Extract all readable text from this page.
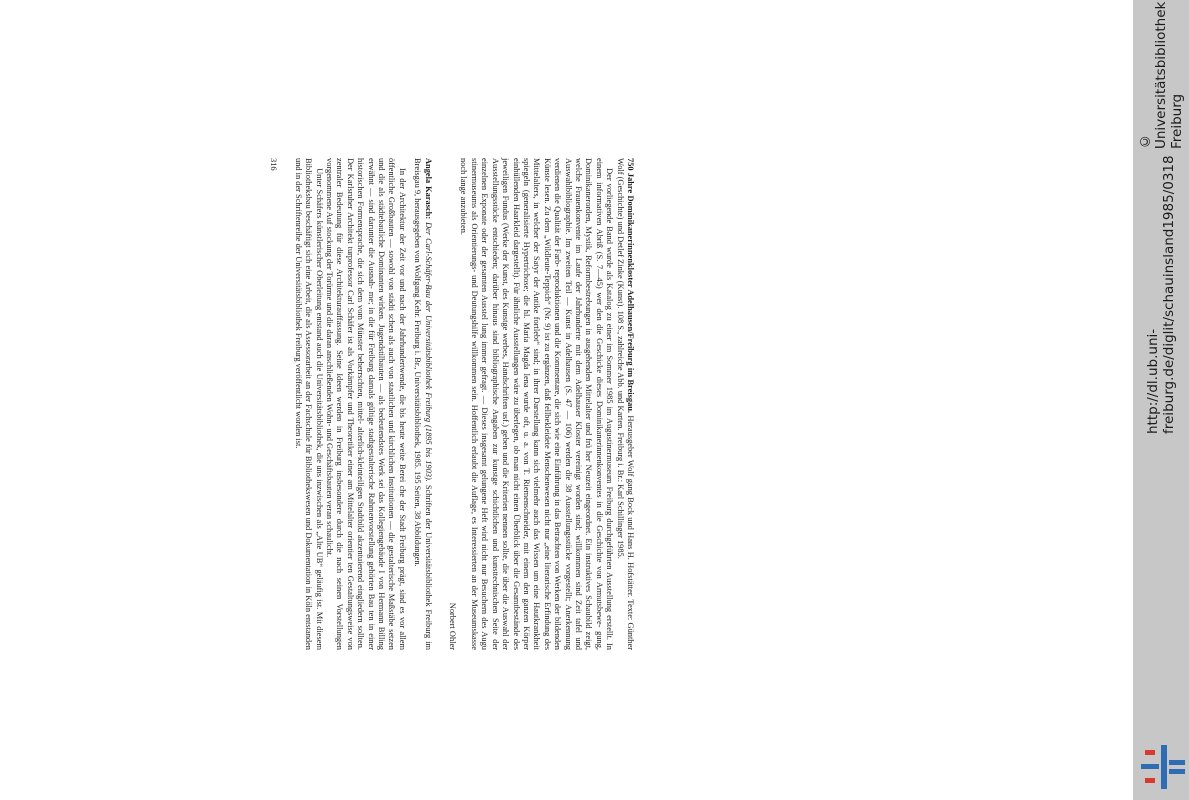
750 Jahre Dominikanerinnenkloster Adelhausen/Freiburg im Breisgau. Herausgeber Wolf gang Bock und Hans H. Hofstätter. Texte: Günther Wolf (Geschichte) und Detlef Zinke (Kunst). 108 S., zahlreiche Abb. und Karten. Freiburg i. Br.: Karl Schillinger 1985.

Der vorliegende Band wurde als Katalog zu einer im Sommer 1985 im Augustinermuseum Freiburg durchgeführten Ausstellung erstellt. In einem informativen Abriß (S. 7—45) wer den die Geschicke dieses Dominikanerinnenkonventes in die Geschichte von Armutsbewe- gung, Dominikanerorden, Mystik, Reformbestrebungen in ausgehenden Mittelalter und frü her Neuzeit eingeordnet. Ein instruktives Schaubild zeigt, welche Frauenkonvente im Laufe der Jahrhunderte mit dem Adelhauser Kloster vereinigt worden sind; willkommen sind Zeit tafel und Auswahlbibliographie. Im zweiten Teil — Kunst in Adelhausen (S. 47 — 106) werden die 38 Ausstellungsstücke vorgestellt; Anerkennung verdienen die Qualität der Farb- reproduktionen und die Kommentare, die sich wie eine Einführung in das Betrachten von Werken der bildenden Künste lesen. Zu dem „Wildleute-Teppich“ (Nr. 9) ist zu ergänzen, daß fellbekleidete Menschenwesen nicht nur „eine literarische Erfindung des Mittelalters, in welcher der Satyr der Antike fortlebt“ sind; in ihrer Darstellung kann sich vielmehr auch das Wissen um eine Hautkrankheit spiegeln (generalisierte Hypertrichose; die hl. Maria Magda lena wurde oft, u. a. von T. Riemenschneider, mit einem den ganzen Körper einhüllenden Haarkleid dargestellt). Für ähnliche Ausstellungen wäre zu überlegen, ob man nicht einen Überblick über die Gesamtbestände des jeweiligen Fundus (Werke der Kunst, des Kunstge werbes, Handschriften usf.) geben und die Kriterien nennen sollte, die über die Auswahl der Ausstellungsstücke entschieden; darüber hinaus sind bibliographische Angaben zur kunstge schichtlichen und kunsttechnischen Seite der einzelnen Exponate oder der gesamten Ausstel lung immer gefragt. — Dieses insgesamt gelungene Heft wird nicht nur Besuchern des Augu stinermuseums als Orientierungs- und Deutungshilfe willkommen sein. Hoffentlich erlaubt die Auflage, es Interessierten an der Museumskasse noch lange anzubieten.

Norbert Ohler

Angela Karasch: Der Carl-Schäfer-Bau der Universitätsbibliothek Freiburg (1895 bis 1903). Schriften der Universitätsbibliothek Freiburg im Breisgau 9, herausgegeben von Wolfgang Kehr. Freiburg i. Br., Universitätsbibliothek, 1985. 195 Seiten, 38 Abbildungen.

In der Architektur der Zeit vor und nach der Jahrhundertwende, die bis heute weite Berei che der Stadt Freiburg prägt, sind es vor allem öffentliche Großbauten — sowohl von städti schen als auch von staatlichen und kirchlichen Institutionen — die gestalterische Maßstäbe setzen und die als städtebauliche Dominanten wirken. Jugendstilbauten — als bedeutendstes Werk sei das Kollegiengebäude I von Hermann Billing erwähnt — sind darunter die Ausnah- me; in die für Freiburg damals gültige stadtgestalterische Rahmenvorstellung gehörten Bau ten in einer historischen Formensprache, die sich dem vom Münster beherrschten, mittel- alterlich-kleinteiligen Stadtbild akzentuierend eingliedern sollten. Der Karlsruher Architekt turprofessor Carl Schäfer ist als Vorkämpfer und Theoretiker einer am Mittelalter orientier ten Gestaltungsweise von zentraler Bedeutung für diese Architekturauffassung. Seine Ideen werden in Freiburg insbesondere durch die nach seinen Vorstellungen vorgenommene Auf stockung der Torürme und die daran anschließenden Wohn- und Geschäftsbauten veran schaulicht.

Unter Schäfers künstlerischer Oberleitung entstand auch die Universitätsbibliothek, die uns inzwischen als „Alte UB“ geläufig ist. Mit diesem Bibliotheksbau beschäftigt sich eine Arbeit, die als Assessorarbeit an der Fachschule für Bibliothekswesen und Dokumentation in Köln entstanden und in der Schriftenreihe der Universitätsbibliothek Freiburg veröffentlicht worden ist.

316

http://dl.ub.uni-freiburg.de/diglit/schauinsland1985/0318
© Universitätsbibliothek Freiburg
